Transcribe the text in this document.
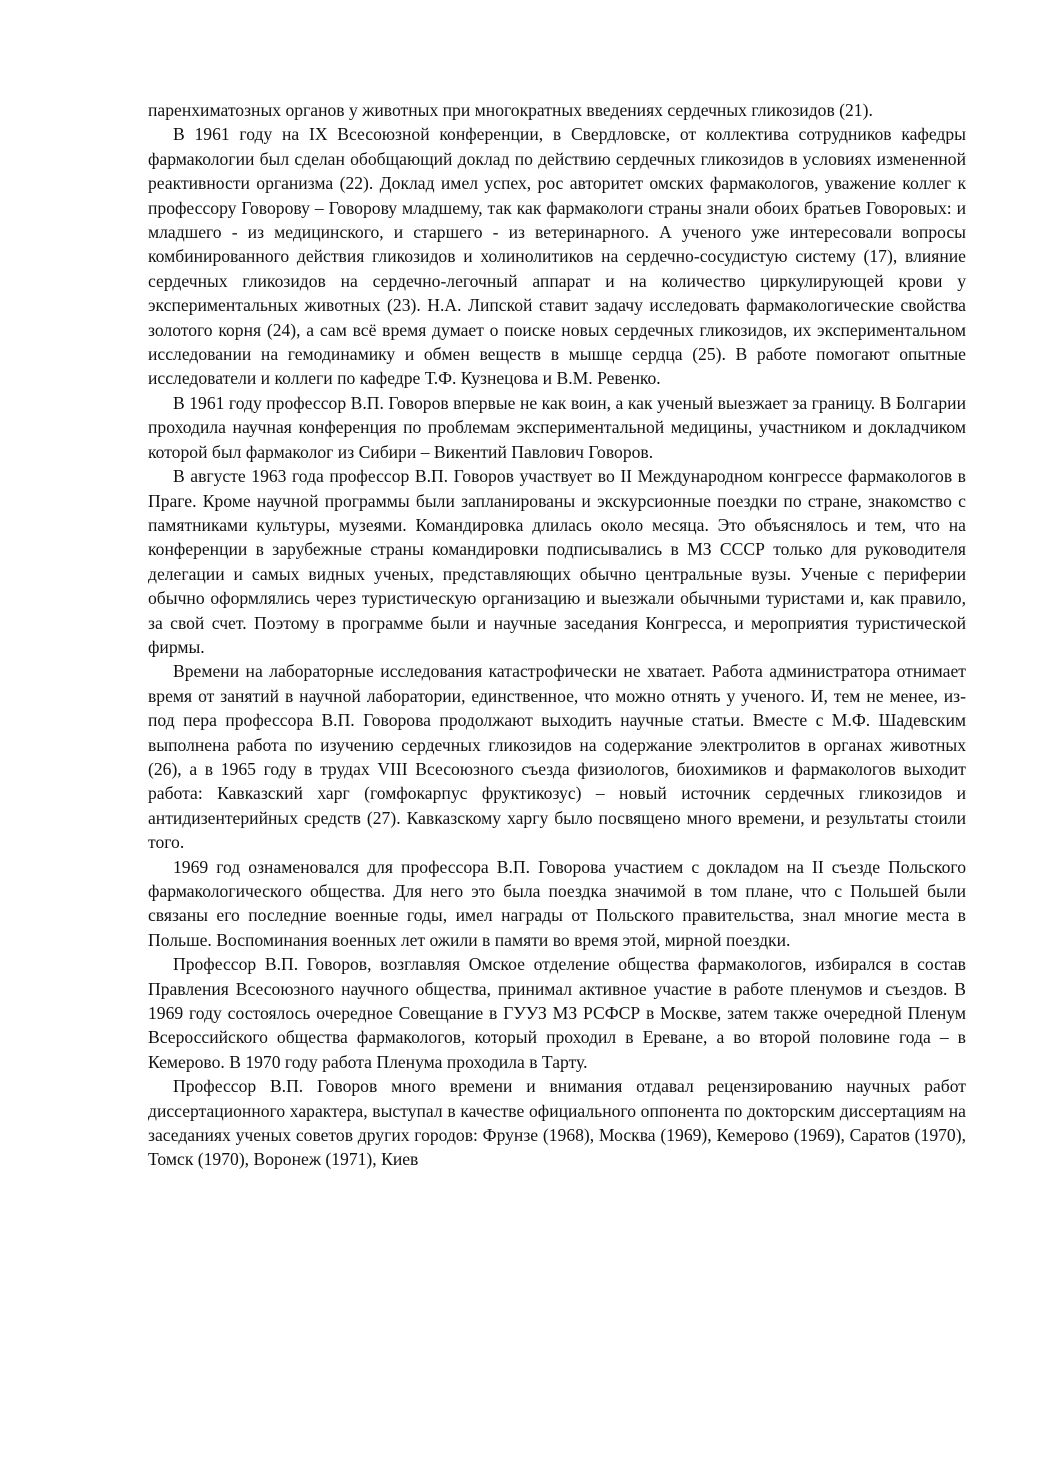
паренхиматозных органов у животных при многократных введениях сердечных гликозидов (21).

В 1961 году на IX Всесоюзной конференции, в Свердловске, от коллектива сотрудников кафедры фармакологии был сделан обобщающий доклад по действию сердечных гликозидов в условиях измененной реактивности организма (22). Доклад имел успех, рос авторитет омских фармакологов, уважение коллег к профессору Говорову – Говорову младшему, так как фармакологи страны знали обоих братьев Говоровых: и младшего - из медицинского, и старшего - из ветеринарного. А ученого уже интересовали вопросы комбинированного действия гликозидов и холинолитиков на сердечно-сосудистую систему (17), влияние сердечных гликозидов на сердечно-легочный аппарат и на количество циркулирующей крови у экспериментальных животных (23). Н.А. Липской ставит задачу исследовать фармакологические свойства золотого корня (24), а сам всё время думает о поиске новых сердечных гликозидов, их экспериментальном исследовании на гемодинамику и обмен веществ в мышце сердца (25). В работе помогают опытные исследователи и коллеги по кафедре Т.Ф. Кузнецова и В.М. Ревенко.

В 1961 году профессор В.П. Говоров впервые не как воин, а как ученый выезжает за границу. В Болгарии проходила научная конференция по проблемам экспериментальной медицины, участником и докладчиком которой был фармаколог из Сибири – Викентий Павлович Говоров.

В августе 1963 года профессор В.П. Говоров участвует во II Международном конгрессе фармакологов в Праге. Кроме научной программы были запланированы и экскурсионные поездки по стране, знакомство с памятниками культуры, музеями. Командировка длилась около месяца. Это объяснялось и тем, что на конференции в зарубежные страны командировки подписывались в МЗ СССР только для руководителя делегации и самых видных ученых, представляющих обычно центральные вузы. Ученые с периферии обычно оформлялись через туристическую организацию и выезжали обычными туристами и, как правило, за свой счет. Поэтому в программе были и научные заседания Конгресса, и мероприятия туристической фирмы.

Времени на лабораторные исследования катастрофически не хватает. Работа администратора отнимает время от занятий в научной лаборатории, единственное, что можно отнять у ученого. И, тем не менее, из-под пера профессора В.П. Говорова продолжают выходить научные статьи. Вместе с М.Ф. Шадевским выполнена работа по изучению сердечных гликозидов на содержание электролитов в органах животных (26), а в 1965 году в трудах VIII Всесоюзного съезда физиологов, биохимиков и фармакологов выходит работа: Кавказский харг (гомфокарпус фруктикозус) – новый источник сердечных гликозидов и антидизентерийных средств (27). Кавказскому харгу было посвящено много времени, и результаты стоили того.

1969 год ознаменовался для профессора В.П. Говорова участием с докладом на II съезде Польского фармакологического общества. Для него это была поездка значимой в том плане, что с Польшей были связаны его последние военные годы, имел награды от Польского правительства, знал многие места в Польше. Воспоминания военных лет ожили в памяти во время этой, мирной поездки.

Профессор В.П. Говоров, возглавляя Омское отделение общества фармакологов, избирался в состав Правления Всесоюзного научного общества, принимал активное участие в работе пленумов и съездов. В 1969 году состоялось очередное Совещание в ГУУЗ МЗ РСФСР в Москве, затем также очередной Пленум Всероссийского общества фармакологов, который проходил в Ереване, а во второй половине года – в Кемерово. В 1970 году работа Пленума проходила в Тарту.

Профессор В.П. Говоров много времени и внимания отдавал рецензированию научных работ диссертационного характера, выступал в качестве официального оппонента по докторским диссертациям на заседаниях ученых советов других городов: Фрунзе (1968), Москва (1969), Кемерово (1969), Саратов (1970), Томск (1970), Воронеж (1971), Киев
